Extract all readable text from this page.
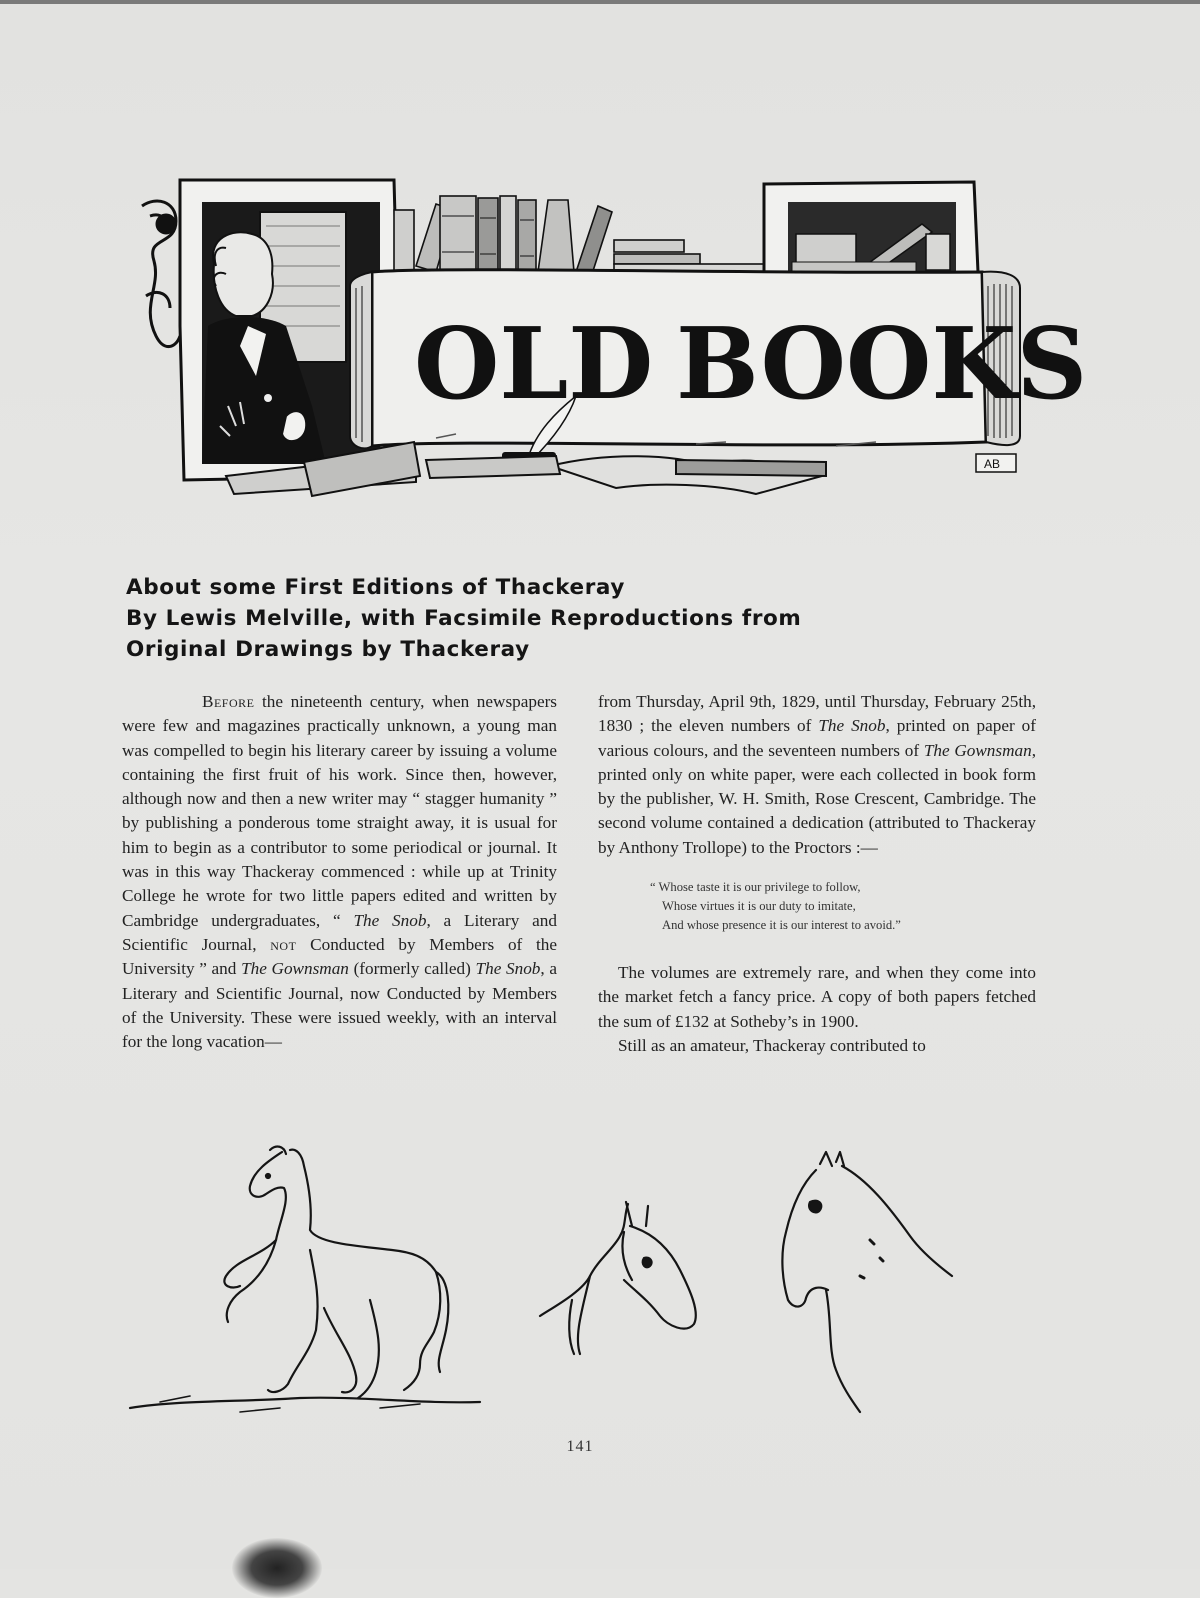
OLD BOOKS
AB
About some First Editions of Thackeray
By Lewis Melville, with Facsimile Reproductions from
Original Drawings by Thackeray

Before the nineteenth century, when newspapers were few and magazines practically unknown, a young man was compelled to begin his literary career by issuing a volume containing the first fruit of his work. Since then, however, although now and then a new writer may “ stagger humanity ” by publishing a ponderous tome straight away, it is usual for him to begin as a contributor to some periodical or journal. It was in this way Thackeray commenced : while up at Trinity College he wrote for two little papers edited and written by Cambridge undergraduates, “ The Snob, a Literary and Scientific Journal, not Conducted by Members of the University ” and The Gownsman (formerly called) The Snob, a Literary and Scientific Journal, now Conducted by Members of the University. These were issued weekly, with an interval for the long vacation—

from Thursday, April 9th, 1829, until Thursday, February 25th, 1830 ; the eleven numbers of The Snob, printed on paper of various colours, and the seventeen numbers of The Gownsman, printed only on white paper, were each collected in book form by the publisher, W. H. Smith, Rose Crescent, Cambridge. The second volume contained a dedication (attributed to Thackeray by Anthony Trollope) to the Proctors :—

“ Whose taste it is our privilege to follow,
Whose virtues it is our duty to imitate,
And whose presence it is our interest to avoid.”

The volumes are extremely rare, and when they come into the market fetch a fancy price. A copy of both papers fetched the sum of £132 at Sotheby’s in 1900.

Still as an amateur, Thackeray contributed to

141
